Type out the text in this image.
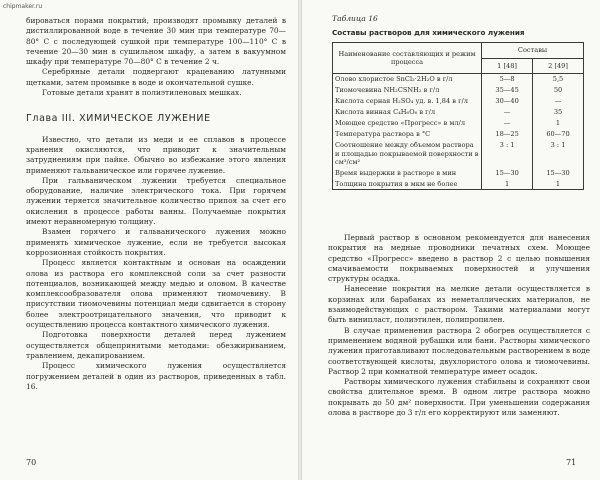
chipmaker.ru

бироваться порами покрытий, производят промывку деталей в дистиллированной воде в течение 30 мин при температуре 70—80° С с последующей сушкой при температуре 100—110° С в течение 20—30 мин в сушильном шкафу, а затем в вакуумном шкафу при температуре 70—80° С в течение 2 ч.

Серебряные детали подвергают крацеванию латунными щетками, затем промывке в воде и окончательной сушке.

Готовые детали хранят в полиэтиленовых мешках.

Глава III. ХИМИЧЕСКОЕ ЛУЖЕНИЕ

Известно, что детали из меди и ее сплавов в процессе хранения окисляются, что приводит к значительным затруднениям при пайке. Обычно во избежание этого явления применяют гальваническое или горячее лужение.

При гальваническом лужении требуется специальное оборудование, наличие электрического тока. При горячем лужении теряется значительное количество припоя за счет его окисления в процессе работы ванны. Получаемые покрытия имеют неравномерную толщину.

Взамен горячего и гальванического лужения можно применять химическое лужение, если не требуется высокая коррозионная стойкость покрытия.

Процесс является контактным и основан на осаждении олова из раствора его комплексной соли за счет разности потенциалов, возникающей между медью и оловом. В качестве комплексообразователя олова применяют тиомочевину. В присутствии тиомочевины потенциал меди сдвигается в сторону более электроотрицательного значения, что приводит к осуществлению процесса контактного химического лужения.

Подготовка поверхности деталей перед лужением осуществляется общепринятыми методами: обезжириванием, травлением, декапированием.

Процесс химического лужения осуществляется погружением деталей в один из растворов, приведенных в табл. 16.

70
Таблица 16
Составы растворов для химического лужения
Наименование составляющих и режим процесса	Составы	
	1 [48]	2 [49]
Олово хлористое SnCl₂·2H₂O в г/л	5—8	5,5
Тиомочевина NH₂CSNH₂ в г/л	35—45	50
Кислота серная H₂SO₄ уд. в. 1,84 в г/л	30—40	—
Кислота винная C₄H₆O₆ в г/л	—	35
Моющее средство «Прогресс» в мл/л	—	1
Температура раствора в °С	18—25	60—70
Соотношение между объемом раствора и площадью покрываемой поверхности в см³/см²	3 : 1	3 : 1
Время выдержки в растворе в мин	15—30	15—30
Толщина покрытия в мкм не более	1	1

Первый раствор в основном рекомендуется для нанесения покрытия на медные проводники печатных схем. Моющее средство «Прогресс» введено в раствор 2 с целью повышения смачиваемости покрываемых поверхностей и улучшения структуры осадка.

Нанесение покрытия на мелкие детали осуществляется в корзинах или барабанах из неметаллических материалов, не взаимодействующих с раствором. Такими материалами могут быть винипласт, полиэтилен, полипропилен.

В случае применения раствора 2 обогрев осуществляется с применением водяной рубашки или бани. Растворы химического лужения приготавливают последовательным растворением в воде соответствующей кислоты, двухлористого олова и тиомочевины. Раствор 2 при комнатной температуре имеет осадок.

Растворы химического лужения стабильны и сохраняют свои свойства длительное время. В одном литре раствора можно покрывать до 50 дм² поверхности. При уменьшении содержания олова в растворе до 3 г/л его корректируют или заменяют.

71
